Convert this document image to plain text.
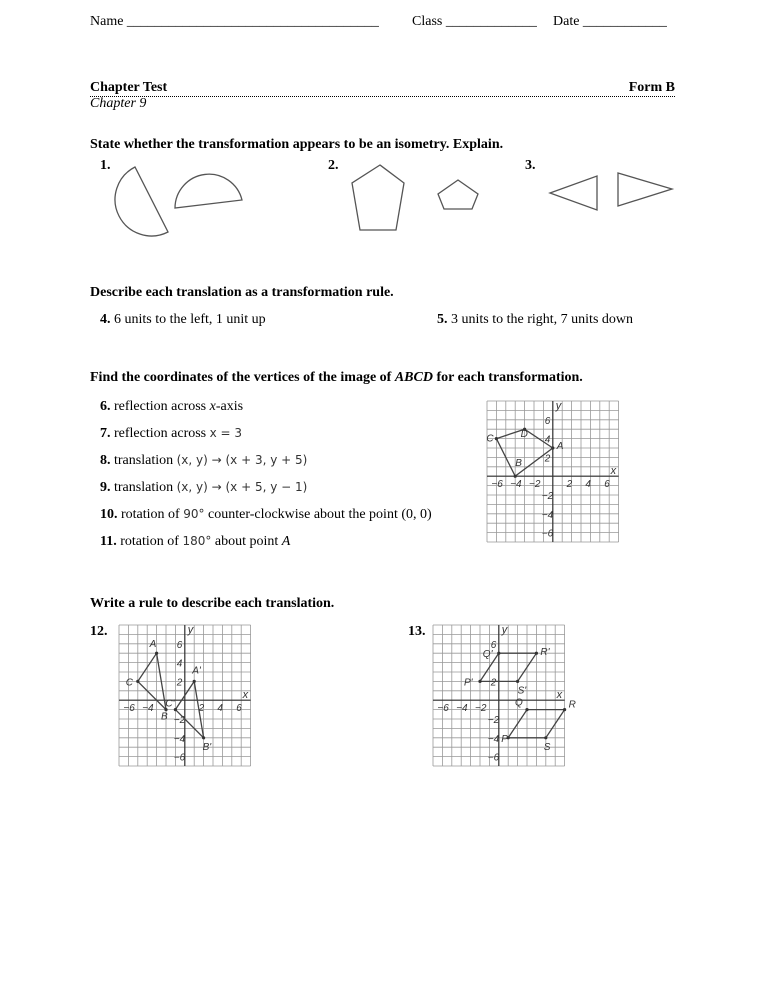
Name ____________________________________ Class _____________ Date ____________
Chapter Test	Form B
Chapter 9
State whether the transformation appears to be an isometry. Explain.
1.	2.	3.
Describe each translation as a transformation rule.
4. 6 units to the left, 1 unit up	5. 3 units to the right, 7 units down
Find the coordinates of the vertices of the image of ABCD for each transformation.
6. reflection across x-axis
7. reflection across x = 3
8. translation (x, y) → (x + 3, y + 5)
9. translation (x, y) → (x + 5, y − 1)
10. rotation of 90° counter-clockwise about the point (0, 0)
11. rotation of 180° about point A
−6 −4 −2	2 4 6
6
4
2
−2
−4
−6
y
x
A
D
C
B
Write a rule to describe each translation.
12.	13.
−6 −4	2 4 6
6
4
2
−2
−4
−6
y
x
A
C
B
A'
C'
B'
−6 −4 −2
6
2
−2
−4
−6
y
x
P
Q	R
S
P'
Q'	R'
S'
